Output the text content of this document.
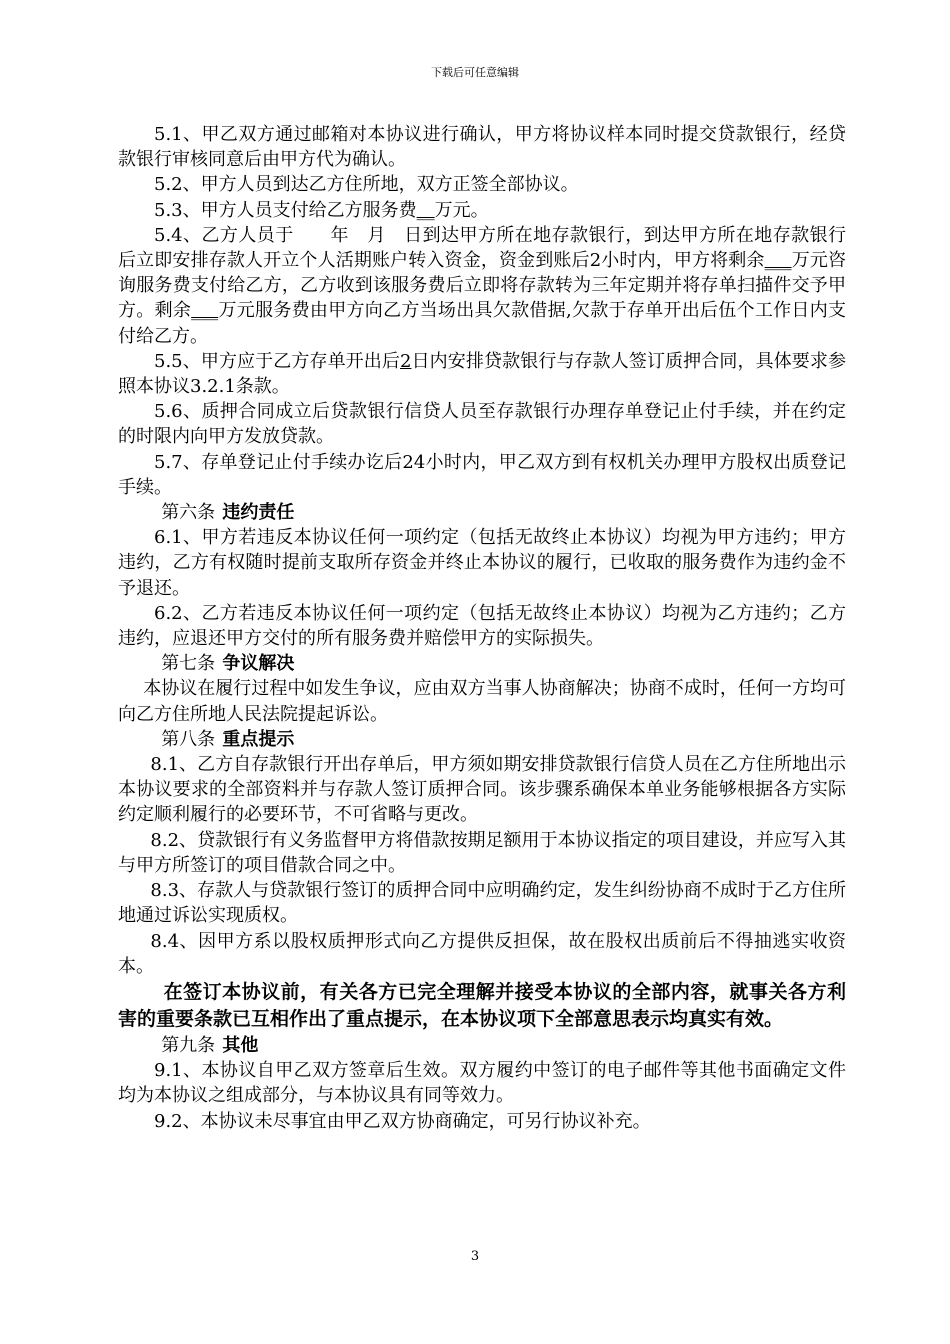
下载后可任意编辑

5.1、甲乙双方通过邮箱对本协议进行确认，甲方将协议样本同时提交贷款银行，经贷款银行审核同意后由甲方代为确认。

5.2、甲方人员到达乙方住所地，双方正签全部协议。

5.3、甲方人员支付给乙方服务费__万元。

5.4、乙方人员于　　年　月　日到达甲方所在地存款银行，到达甲方所在地存款银行后立即安排存款人开立个人活期账户转入资金，资金到账后2小时内，甲方将剩余___万元咨询服务费支付给乙方，乙方收到该服务费后立即将存款转为三年定期并将存单扫描件交予甲方。剩余___万元服务费由甲方向乙方当场出具欠款借据,欠款于存单开出后伍个工作日内支付给乙方。

5.5、甲方应于乙方存单开出后2日内安排贷款银行与存款人签订质押合同，具体要求参照本协议3.2.1条款。

5.6、质押合同成立后贷款银行信贷人员至存款银行办理存单登记止付手续，并在约定的时限内向甲方发放贷款。

5.7、存单登记止付手续办讫后24小时内，甲乙双方到有权机关办理甲方股权出质登记手续。

第六条 违约责任

6.1、甲方若违反本协议任何一项约定（包括无故终止本协议）均视为甲方违约；甲方违约，乙方有权随时提前支取所存资金并终止本协议的履行，已收取的服务费作为违约金不予退还。

6.2、乙方若违反本协议任何一项约定（包括无故终止本协议）均视为乙方违约；乙方违约，应退还甲方交付的所有服务费并赔偿甲方的实际损失。

第七条 争议解决

本协议在履行过程中如发生争议，应由双方当事人协商解决；协商不成时，任何一方均可向乙方住所地人民法院提起诉讼。

第八条 重点提示

8.1、乙方自存款银行开出存单后，甲方须如期安排贷款银行信贷人员在乙方住所地出示本协议要求的全部资料并与存款人签订质押合同。该步骤系确保本单业务能够根据各方实际约定顺利履行的必要环节，不可省略与更改。

8.2、贷款银行有义务监督甲方将借款按期足额用于本协议指定的项目建设，并应写入其与甲方所签订的项目借款合同之中。

8.3、存款人与贷款银行签订的质押合同中应明确约定，发生纠纷协商不成时于乙方住所地通过诉讼实现质权。

8.4、因甲方系以股权质押形式向乙方提供反担保，故在股权出质前后不得抽逃实收资本。

在签订本协议前，有关各方已完全理解并接受本协议的全部内容，就事关各方利害的重要条款已互相作出了重点提示，在本协议项下全部意思表示均真实有效。

第九条 其他

9.1、本协议自甲乙双方签章后生效。双方履约中签订的电子邮件等其他书面确定文件均为本协议之组成部分，与本协议具有同等效力。

9.2、本协议未尽事宜由甲乙双方协商确定，可另行协议补充。

3
